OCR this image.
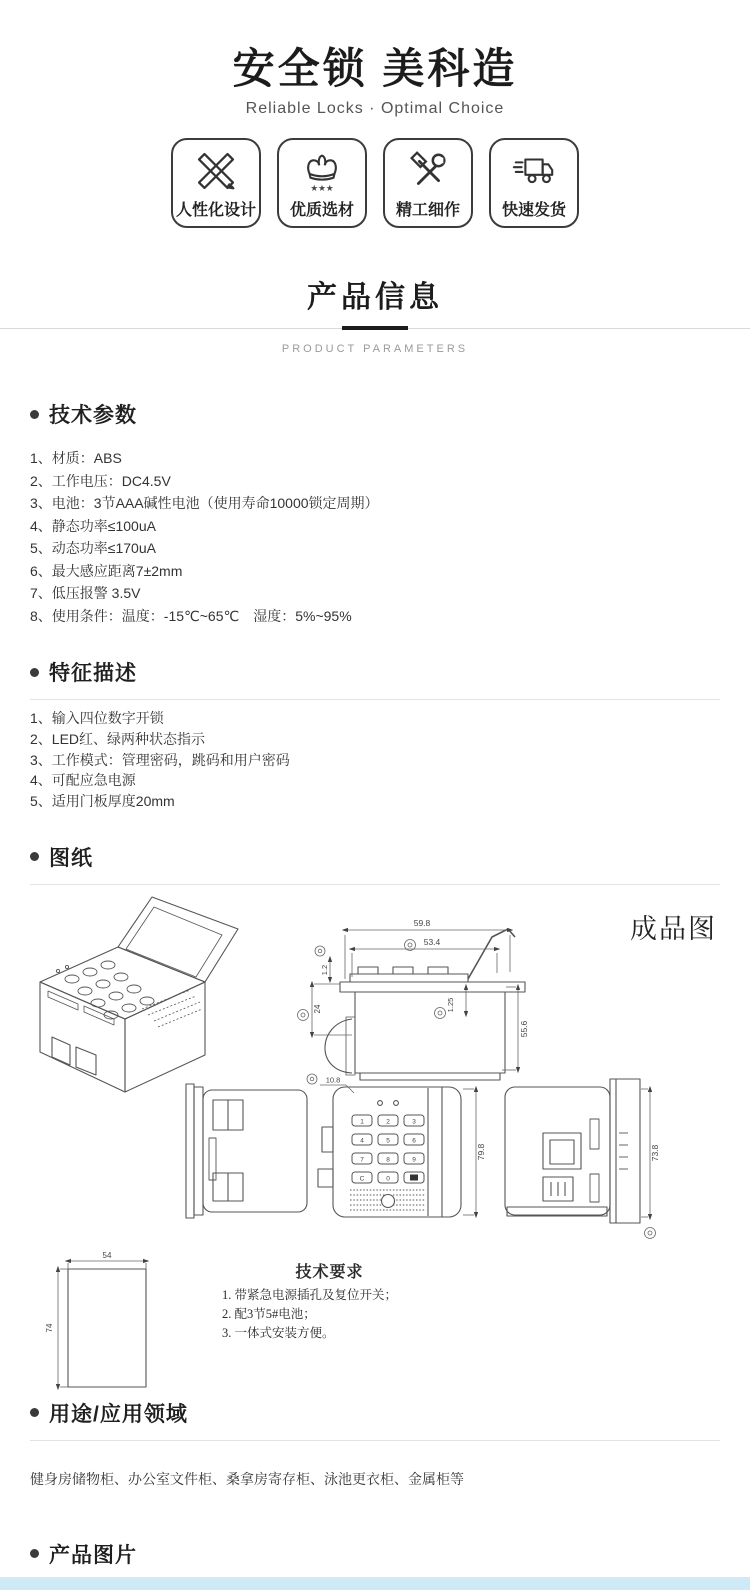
安全锁 美科造
Reliable Locks · Optimal Choice
人性化设计
★★★
优质选材	精工细作	快速发货
产品信息
PRODUCT PARAMETERS
技术参数
1、材质：ABS
2、工作电压：DC4.5V
3、电池：3节AAA碱性电池（使用寿命10000锁定周期）
4、静态功率≤100uA
5、动态功率≤170uA
6、最大感应距离7±2mm
7、低压报警 3.5V
8、使用条件：温度：-15℃~65℃　湿度：5%~95%
特征描述
1、输入四位数字开锁
2、LED红、绿两种状态指示
3、工作模式：管理密码，跳码和用户密码
4、可配应急电源
5、适用门板厚度20mm
图纸
59.8
53.4
1.2
24	1.25
55.6
1	2	3
4	5	6
7	8	9
C	0
10.8
79.8	73.8
54
74
成品图
技术要求
1. 带紧急电源插孔及复位开关；
2. 配3节5#电池；
3. 一体式安装方便。
用途/应用领域
健身房储物柜、办公室文件柜、桑拿房寄存柜、泳池更衣柜、金属柜等
产品图片
